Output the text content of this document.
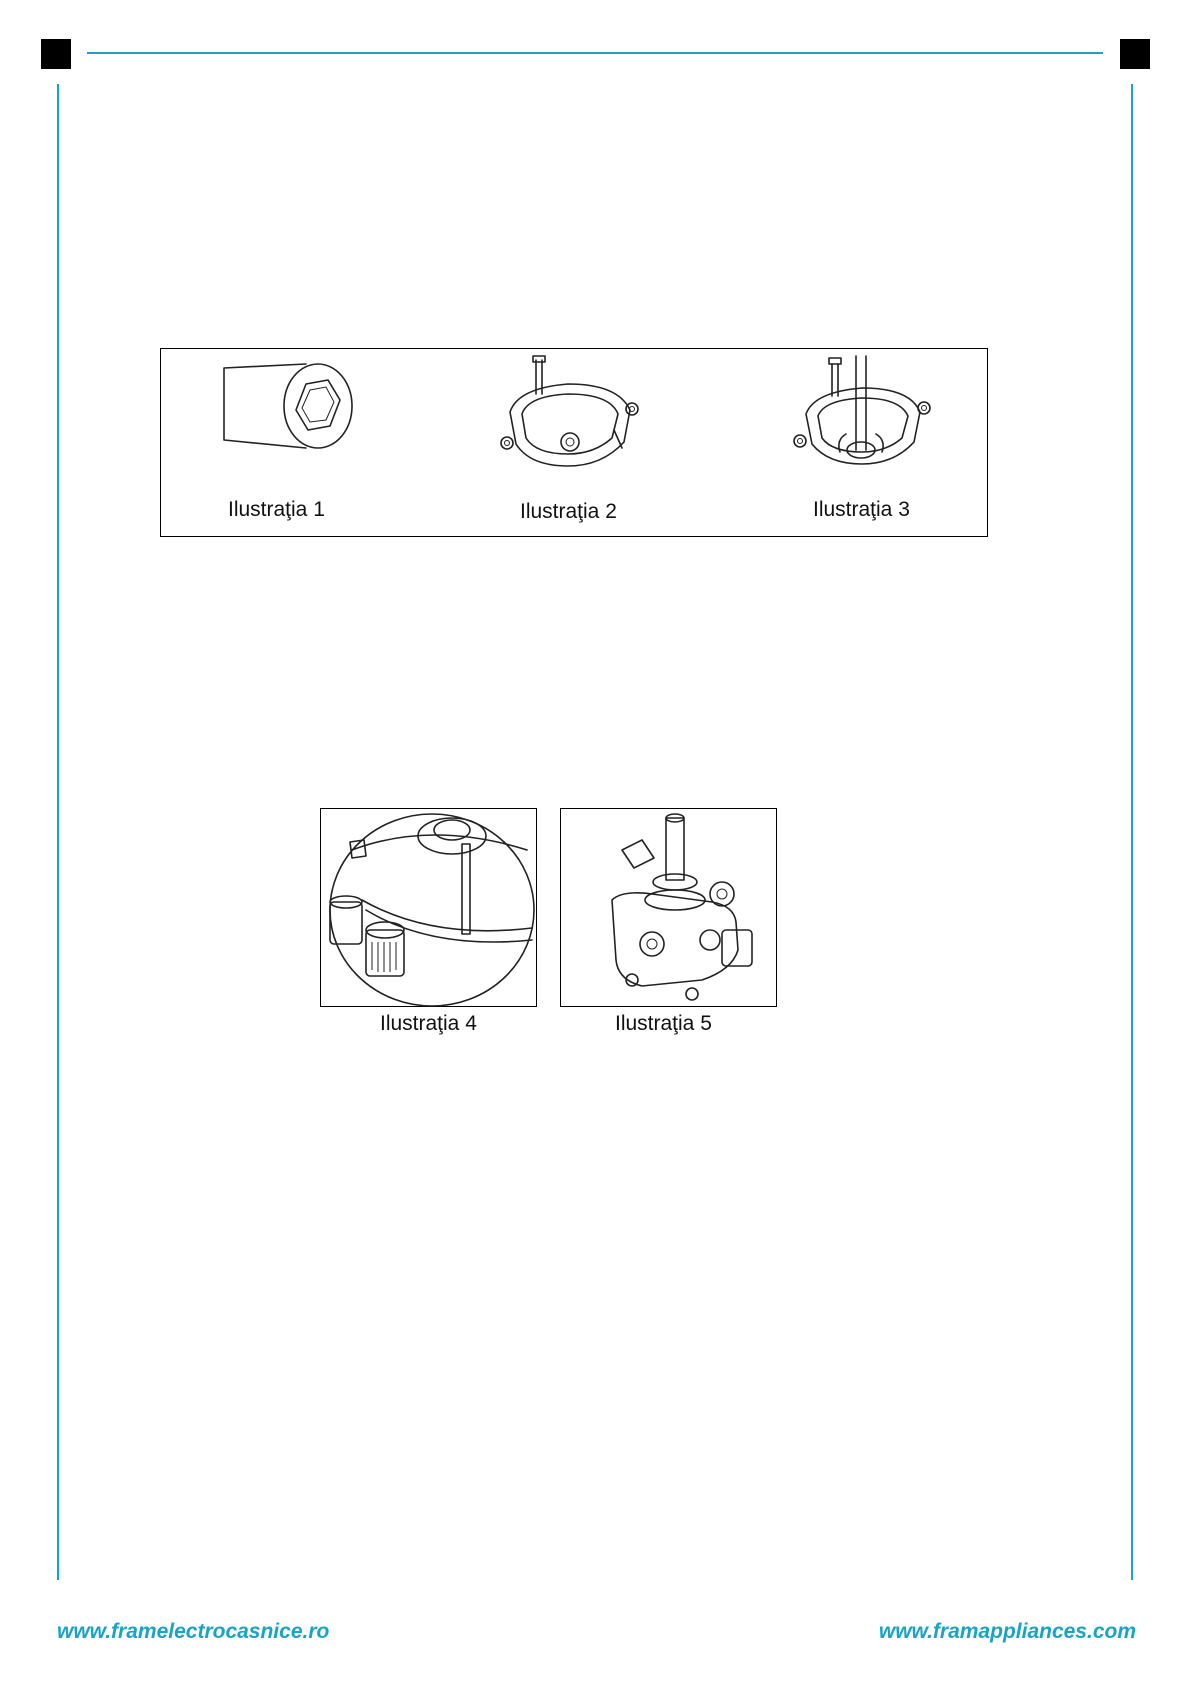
Ilustraţia 1	Ilustraţia 2	Ilustraţia 3
Ilustraţia 4	Ilustraţia 5
www.framelectrocasnice.ro	www.framappliances.com
